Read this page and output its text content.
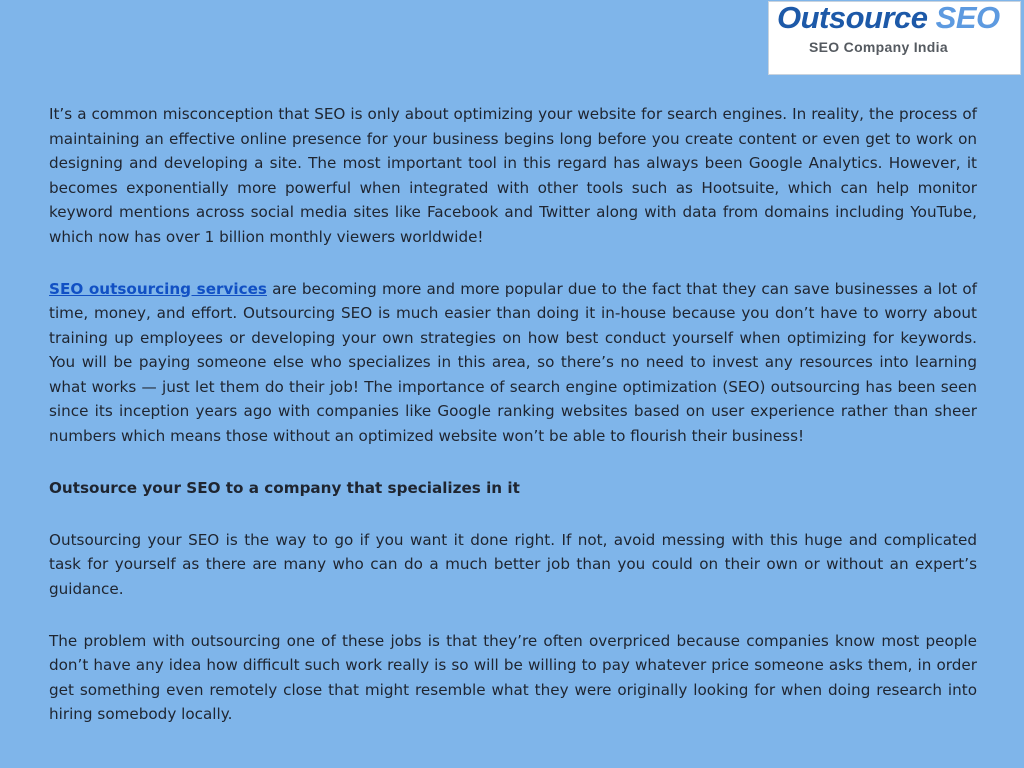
Outsource SEO
SEO Company India

It’s a common misconception that SEO is only about optimizing your website for search engines. In reality, the process of maintaining an effective online presence for your business begins long before you create content or even get to work on designing and developing a site. The most important tool in this regard has always been Google Analytics. However, it becomes exponentially more powerful when integrated with other tools such as Hootsuite, which can help monitor keyword mentions across social media sites like Facebook and Twitter along with data from domains including YouTube, which now has over 1 billion monthly viewers worldwide!

SEO outsourcing services are becoming more and more popular due to the fact that they can save businesses a lot of time, money, and effort. Outsourcing SEO is much easier than doing it in-house because you don’t have to worry about training up employees or developing your own strategies on how best conduct yourself when optimizing for keywords. You will be paying someone else who specializes in this area, so there’s no need to invest any resources into learning what works — just let them do their job! The importance of search engine optimization (SEO) outsourcing has been seen since its inception years ago with companies like Google ranking websites based on user experience rather than sheer numbers which means those without an optimized website won’t be able to flourish their business!

Outsource your SEO to a company that specializes in it

Outsourcing your SEO is the way to go if you want it done right. If not, avoid messing with this huge and complicated task for yourself as there are many who can do a much better job than you could on their own or without an expert’s guidance.

The problem with outsourcing one of these jobs is that they’re often overpriced because companies know most people don’t have any idea how difficult such work really is so will be willing to pay whatever price someone asks them, in order get something even remotely close that might resemble what they were originally looking for when doing research into hiring somebody locally.
